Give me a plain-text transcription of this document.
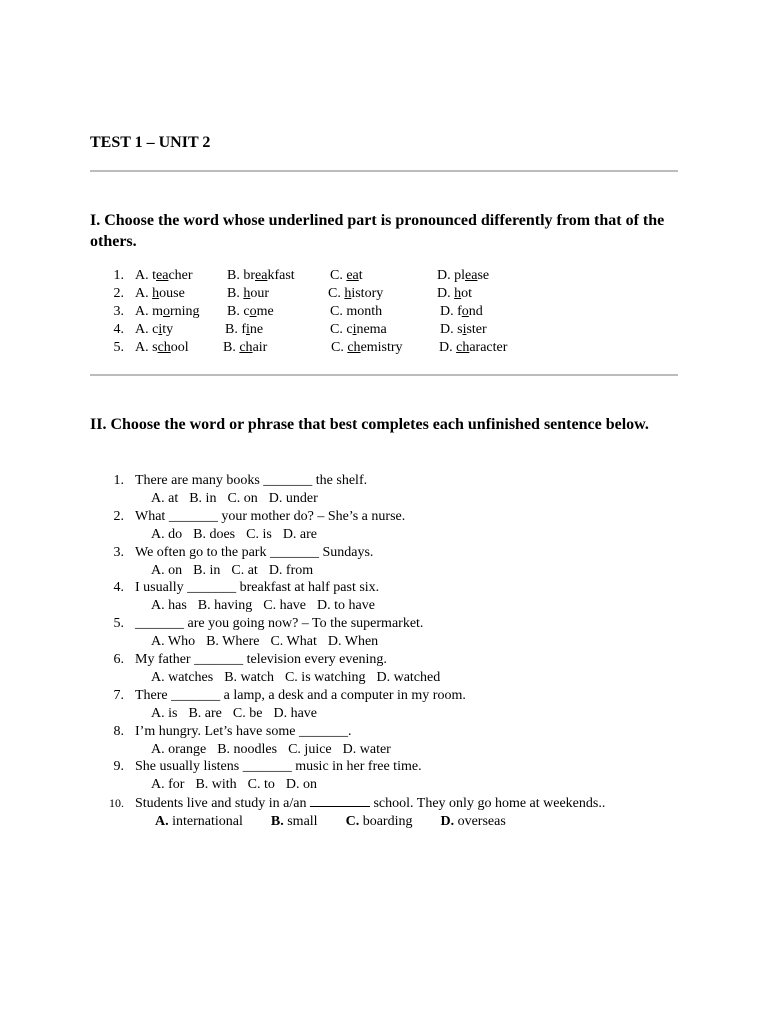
TEST 1 – UNIT 2
I. Choose the word whose underlined part is pronounced differently from that of the others.
1. A. teacher B. breakfast	C. eat	D. please
2. A. house	B. hour	C. history	D. hot
3. A. morning B. come	C. month	D. fond
4. A. city	B. fine	C. cinema	D. sister
5. A. school B. chair	C. chemistry	D. character
II. Choose the word or phrase that best completes each unfinished sentence below.
1. There are many books _______ the shelf.
A. at B. in C. on D. under
2. What _______ your mother do? – She’s a nurse.
A. do B. does C. is D. are
3. We often go to the park _______ Sundays.
A. on B. in C. at D. from
4. I usually _______ breakfast at half past six.
A. has B. having C. have D. to have
5. _______ are you going now? – To the supermarket.
A. Who B. Where C. What D. When
6. My father _______ television every evening.
A. watches B. watch C. is watching D. watched
7. There _______ a lamp, a desk and a computer in my room.
A. is B. are C. be D. have
8. I’m hungry. Let’s have some _______.
A. orange B. noodles C. juice D. water
9. She usually listens _______ music in her free time.
A. for B. with C. to D. on
10. Students live and study in a/an	school. They only go home at weekends..
A. international B. small C. boarding D. overseas
